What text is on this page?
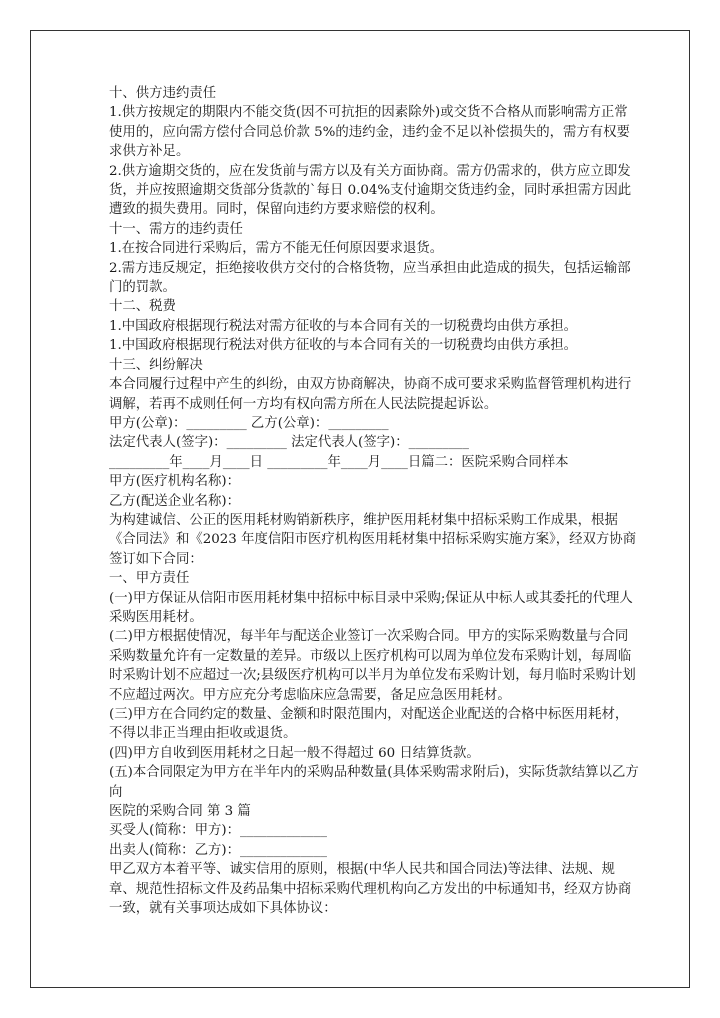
十、供方违约责任

1.供方按规定的期限内不能交货(因不可抗拒的因素除外)或交货不合格从而影响需方正常使用的，应向需方偿付合同总价款 5%的违约金，违约金不足以补偿损失的，需方有权要求供方补足。

2.供方逾期交货的，应在发货前与需方以及有关方面协商。需方仍需求的，供方应立即发货，并应按照逾期交货部分货款的`每日 0.04%支付逾期交货违约金，同时承担需方因此遭致的损失费用。同时，保留向违约方要求赔偿的权利。

十一、需方的违约责任

1.在按合同进行采购后，需方不能无任何原因要求退货。

2.需方违反规定，拒绝接收供方交付的合格货物，应当承担由此造成的损失，包括运输部门的罚款。

十二、税费

1.中国政府根据现行税法对需方征收的与本合同有关的一切税费均由供方承担。

1.中国政府根据现行税法对供方征收的与本合同有关的一切税费均由供方承担。

十三、纠纷解决

本合同履行过程中产生的纠纷，由双方协商解决，协商不成可要求采购监督管理机构进行调解，若再不成则任何一方均有权向需方所在人民法院提起诉讼。

甲方(公章)：_________ 乙方(公章)：_________

法定代表人(签字)：_________ 法定代表人(签字)：_________

_________年____月____日 _________年____月____日篇二：医院采购合同样本

甲方(医疗机构名称)：

乙方(配送企业名称)：

为构建诚信、公正的医用耗材购销新秩序，维护医用耗材集中招标采购工作成果，根据《合同法》和《2023 年度信阳市医疗机构医用耗材集中招标采购实施方案》，经双方协商签订如下合同：

一、甲方责任

(一)甲方保证从信阳市医用耗材集中招标中标目录中采购;保证从中标人或其委托的代理人采购医用耗材。

(二)甲方根据使情况，每半年与配送企业签订一次采购合同。甲方的实际采购数量与合同采购数量允许有一定数量的差异。市级以上医疗机构可以周为单位发布采购计划，每周临时采购计划不应超过一次;县级医疗机构可以半月为单位发布采购计划，每月临时采购计划不应超过两次。甲方应充分考虑临床应急需要，备足应急医用耗材。

(三)甲方在合同约定的数量、金额和时限范围内，对配送企业配送的合格中标医用耗材，不得以非正当理由拒收或退货。

(四)甲方自收到医用耗材之日起一般不得超过 60 日结算货款。

(五)本合同限定为甲方在半年内的采购品种数量(具体采购需求附后)，实际货款结算以乙方向

医院的采购合同 第 3 篇

买受人(简称：甲方)：_____________

出卖人(简称：乙方)：_____________

甲乙双方本着平等、诚实信用的原则，根据(中华人民共和国合同法)等法律、法规、规章、规范性招标文件及药品集中招标采购代理机构向乙方发出的中标通知书，经双方协商一致，就有关事项达成如下具体协议：
